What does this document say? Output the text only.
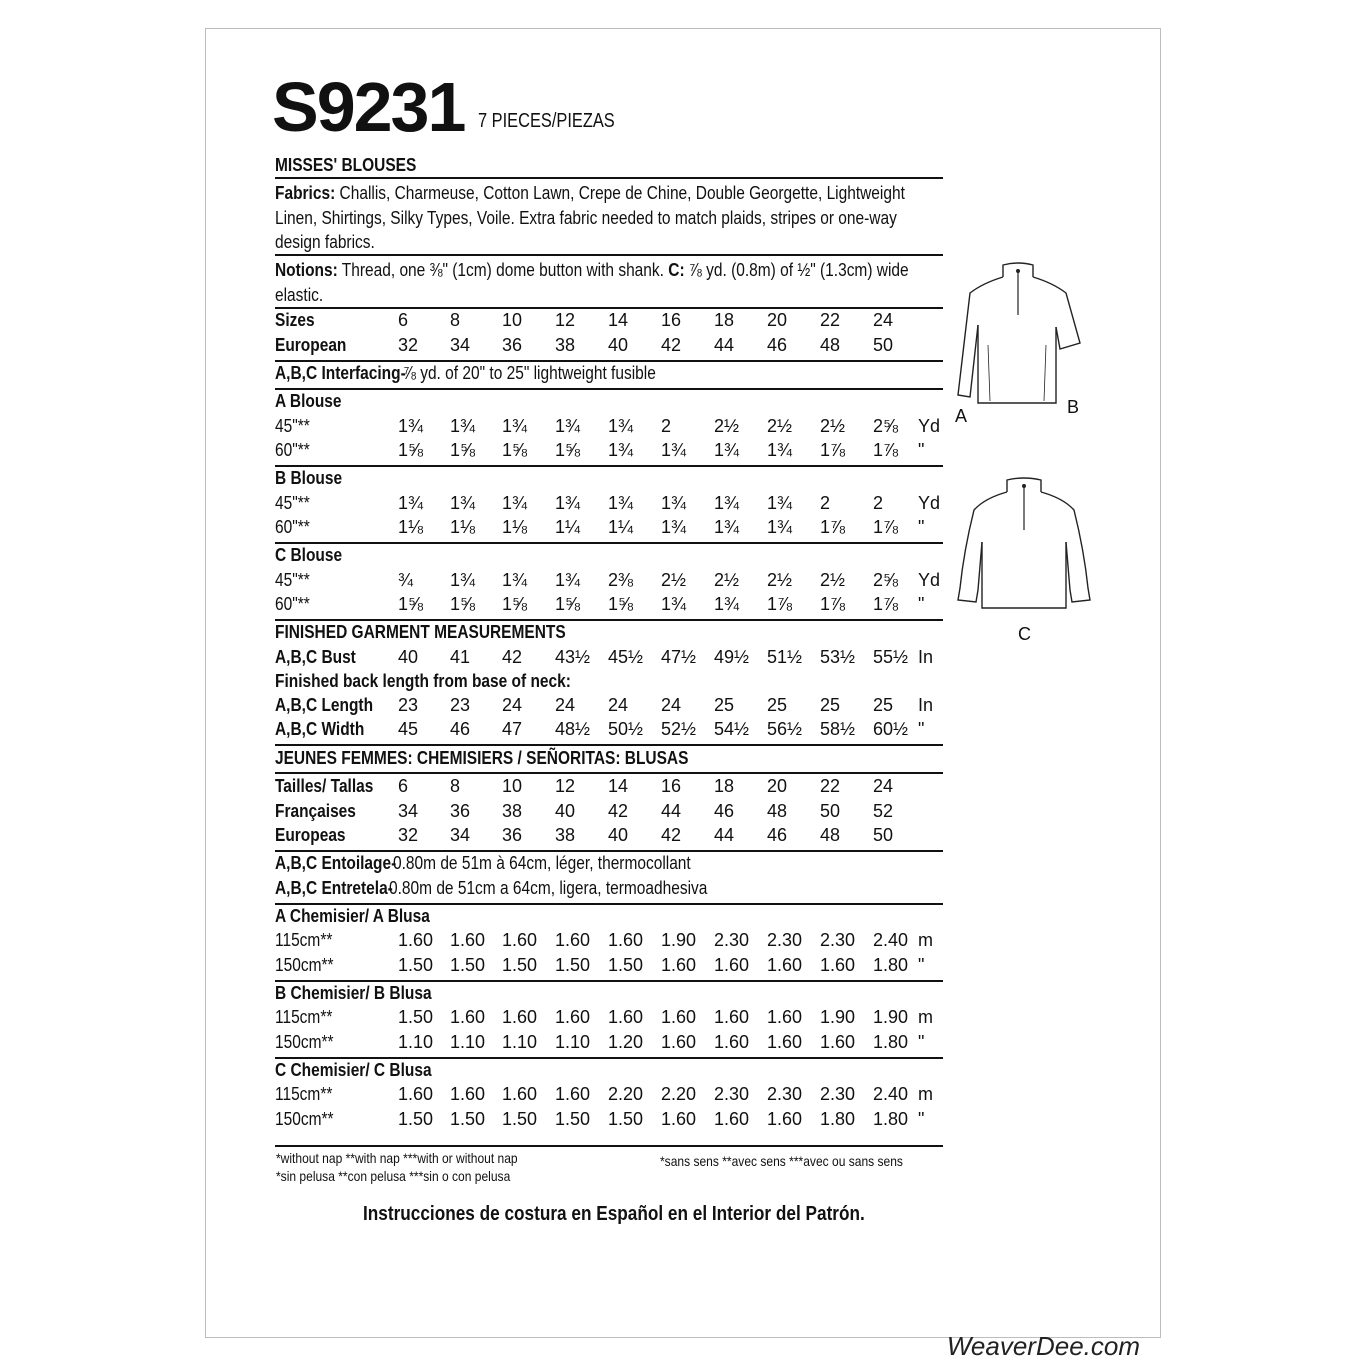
S9231 7 PIECES/PIEZAS
MISSES' BLOUSES
Fabrics: Challis, Charmeuse, Cotton Lawn, Crepe de Chine, Double Georgette, Lightweight Linen, Shirtings, Silky Types, Voile. Extra fabric needed to match plaids, stripes or one-way design fabrics.
Notions: Thread, one ⅜" (1cm) dome button with shank. C: ⅞ yd. (0.8m) of ½" (1.3cm) wide elastic.
Sizes	6 8 10 12 14 16 18 20 22 24
European	32 34 36 38 40 42 44 46 48 50
A,B,C Interfacing-
⅞ yd. of 20" to 25" lightweight fusible
A Blouse
45"**	1¾ 1¾ 1¾ 1¾ 1¾ 2 2½ 2½ 2½ 2⅝ Yd
60"**	1⅝ 1⅝ 1⅝ 1⅝ 1¾ 1¾ 1¾ 1¾ 1⅞ 1⅞ "
B Blouse
45"**	1¾ 1¾ 1¾ 1¾ 1¾ 1¾ 1¾ 1¾ 2 2 Yd
60"**	1⅛ 1⅛ 1⅛ 1¼ 1¼ 1¾ 1¾ 1¾ 1⅞ 1⅞ "
C Blouse
45"**	¾ 1¾ 1¾ 1¾ 2⅜ 2½ 2½ 2½ 2½ 2⅝ Yd
60"**	1⅝ 1⅝ 1⅝ 1⅝ 1⅝ 1¾ 1¾ 1⅞ 1⅞ 1⅞ "
FINISHED GARMENT MEASUREMENTS
A,B,C Bust 40 41 42 43½ 45½ 47½ 49½ 51½ 53½ 55½ In
Finished back length from base of neck:
A,B,C Length 23 23 24 24 24 24 25 25 25 25 In
A,B,C Width 45 46 47 48½ 50½ 52½ 54½ 56½ 58½ 60½ "
JEUNES FEMMES: CHEMISIERS / SEÑORITAS: BLUSAS
Tailles/ Tallas 6 8 10 12 14 16 18 20 22 24
Françaises 34 36 38 40 42 44 46 48 50 52
Europeas	32 34 36 38 40 42 44 46 48 50
A,B,C Entoilage-
0.80m de 51m à 64cm, léger, thermocollant
A,B,C Entretela-
0.80m de 51cm a 64cm, ligera, termoadhesiva
A Chemisier/ A Blusa
115cm**	1.60 1.60 1.60 1.60 1.60 1.90 2.30 2.30 2.30 2.40 m
150cm**	1.50 1.50 1.50 1.50 1.50 1.60 1.60 1.60 1.60 1.80 "
B Chemisier/ B Blusa
115cm**	1.50 1.60 1.60 1.60 1.60 1.60 1.60 1.60 1.90 1.90 m
150cm**	1.10 1.10 1.10 1.10 1.20 1.60 1.60 1.60 1.60 1.80 "
C Chemisier/ C Blusa
115cm**	1.60 1.60 1.60 1.60 2.20 2.20 2.30 2.30 2.30 2.40 m
150cm**	1.50 1.50 1.50 1.50 1.50 1.60 1.60 1.60 1.80 1.80 "
A	B
C
*without nap **with nap ***with or without nap
*sin pelusa **con pelusa ***sin o con pelusa
*sans sens **avec sens ***avec ou sans sens
Instrucciones de costura en Español en el Interior del Patrón.
WeaverDee.com
